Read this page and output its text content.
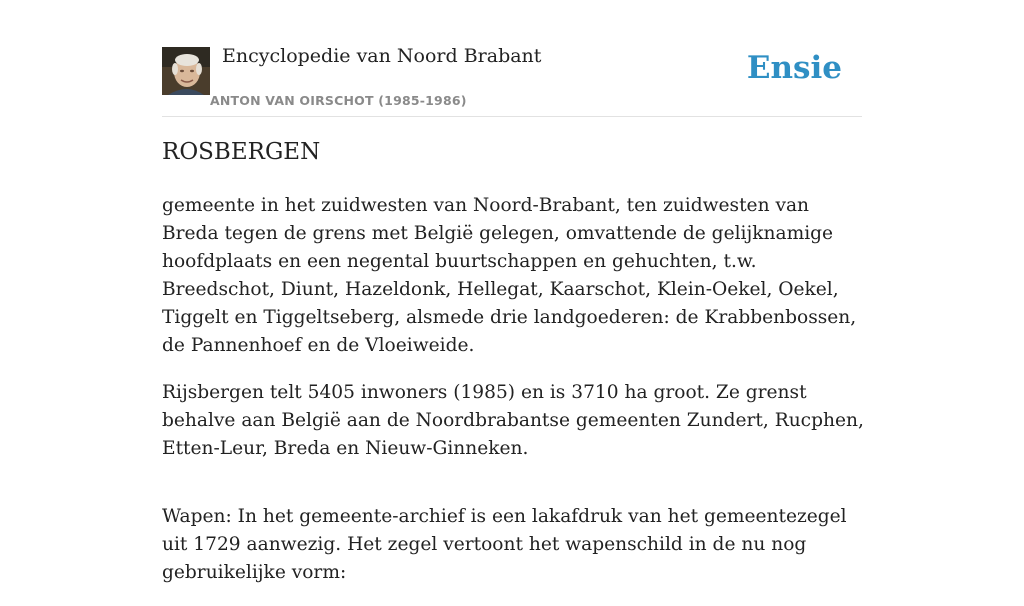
Encyclopedie van Noord Brabant
ANTON VAN OIRSCHOT (1985-1986)
Ensie
ROSBERGEN

gemeente in het zuidwesten van Noord-Brabant, ten zuidwesten van Breda tegen de grens met België gelegen, omvattende de gelijknamige hoofdplaats en een negental buurtschappen en gehuchten, t.w. Breedschot, Diunt, Hazeldonk, Hellegat, Kaarschot, Klein-Oekel, Oekel, Tiggelt en Tiggeltseberg, alsmede drie landgoederen: de Krabbenbossen, de Pannenhoef en de Vloeiweide.

Rijsbergen telt 5405 inwoners (1985) en is 3710 ha groot. Ze grenst behalve aan België aan de Noordbrabantse gemeenten Zundert, Rucphen, Etten-Leur, Breda en Nieuw-Ginneken.

Wapen: In het gemeente-archief is een lakafdruk van het gemeentezegel uit 1729 aanwezig. Het zegel vertoont het wapenschild in de nu nog gebruikelijke vorm:
